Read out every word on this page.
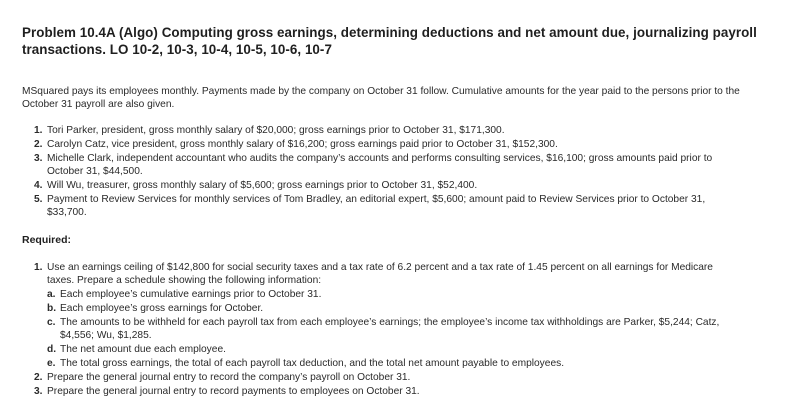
Problem 10.4A (Algo) Computing gross earnings, determining deductions and net amount due, journalizing payroll transactions. LO 10-2, 10-3, 10-4, 10-5, 10-6, 10-7

MSquared pays its employees monthly. Payments made by the company on October 31 follow. Cumulative amounts for the year paid to the persons prior to the October 31 payroll are also given.

1. Tori Parker, president, gross monthly salary of $20,000; gross earnings prior to October 31, $171,300.
2. Carolyn Catz, vice president, gross monthly salary of $16,200; gross earnings paid prior to October 31, $152,300.
3. Michelle Clark, independent accountant who audits the company’s accounts and performs consulting services, $16,100; gross amounts paid prior to October 31, $44,500.
4. Will Wu, treasurer, gross monthly salary of $5,600; gross earnings prior to October 31, $52,400.
5. Payment to Review Services for monthly services of Tom Bradley, an editorial expert, $5,600; amount paid to Review Services prior to October 31, $33,700.
Required:
1. Use an earnings ceiling of $142,800 for social security taxes and a tax rate of 6.2 percent and a tax rate of 1.45 percent on all earnings for Medicare taxes. Prepare a schedule showing the following information:
a. Each employee’s cumulative earnings prior to October 31.
b. Each employee’s gross earnings for October.
c. The amounts to be withheld for each payroll tax from each employee’s earnings; the employee’s income tax withholdings are Parker, $5,244; Catz, $4,556; Wu, $1,285.
d. The net amount due each employee.
e. The total gross earnings, the total of each payroll tax deduction, and the total net amount payable to employees.
2. Prepare the general journal entry to record the company’s payroll on October 31.
3. Prepare the general journal entry to record payments to employees on October 31.
